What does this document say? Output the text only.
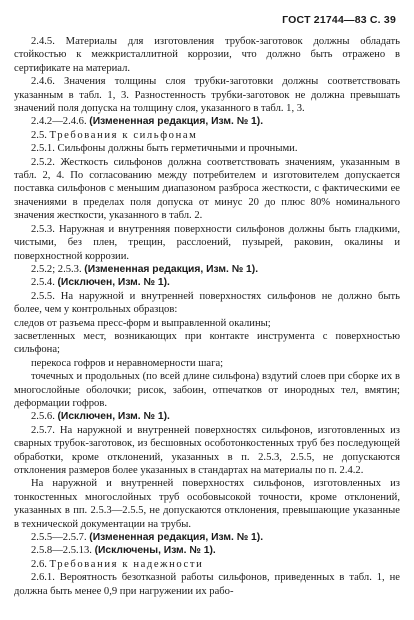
ГОСТ 21744—83 С. 39

2.4.5. Материалы для изготовления трубок-заготовок должны обладать стойкостью к межкристаллитной коррозии, что должно быть отражено в сертификате на материал.

2.4.6. Значения толщины слоя трубки-заготовки должны соответствовать указанным в табл. 1, 3. Разностенность трубки-заготовок не должна превышать значений поля допуска на толщину слоя, указанного в табл. 1, 3.

2.4.2—2.4.6. (Измененная редакция, Изм. № 1).

2.5. Требования к сильфонам

2.5.1. Сильфоны должны быть герметичными и прочными.

2.5.2. Жесткость сильфонов должна соответствовать значениям, указанным в табл. 2, 4. По согласованию между потребителем и изготовителем допускается поставка сильфонов с меньшим диапазоном разброса жесткости, с фактическими ее значениями в пределах поля допуска от минус 20 до плюс 80% номинального значения жесткости, указанного в табл. 2.

2.5.3. Наружная и внутренняя поверхности сильфонов должны быть гладкими, чистыми, без плен, трещин, расслоений, пузырей, раковин, окалины и поверхностной коррозии.

2.5.2; 2.5.3. (Измененная редакция, Изм. № 1).

2.5.4. (Исключен, Изм. № 1).

2.5.5. На наружной и внутренней поверхностях сильфонов не должно быть более, чем у контрольных образцов:

следов от разъема пресс-форм и выправленной окалины;

засветленных мест, возникающих при контакте инструмента с поверхностью сильфона;

перекоса гофров и неравномерности шага;

точечных и продольных (по всей длине сильфона) вздутий слоев при сборке их в многослойные оболочки; рисок, забоин, отпечатков от инородных тел, вмятин; деформации гофров.

2.5.6. (Исключен, Изм. № 1).

2.5.7. На наружной и внутренней поверхностях сильфонов, изготовленных из сварных трубок-заготовок, из бесшовных особотонкостенных труб без последующей обработки, кроме отклонений, указанных в п. 2.5.3, 2.5.5, не допускаются отклонения размеров более указанных в стандартах на материалы по п. 2.4.2.

На наружной и внутренней поверхностях сильфонов, изготовленных из тонкостенных многослойных труб особовысокой точности, кроме отклонений, указанных в пп. 2.5.3—2.5.5, не допускаются отклонения, превышающие указанные в технической документации на трубы.

2.5.5—2.5.7. (Измененная редакция, Изм. № 1).

2.5.8—2.5.13. (Исключены, Изм. № 1).

2.6. Требования к надежности

2.6.1. Вероятность безотказной работы сильфонов, приведенных в табл. 1, не должна быть менее 0,9 при нагружении их рабо-
